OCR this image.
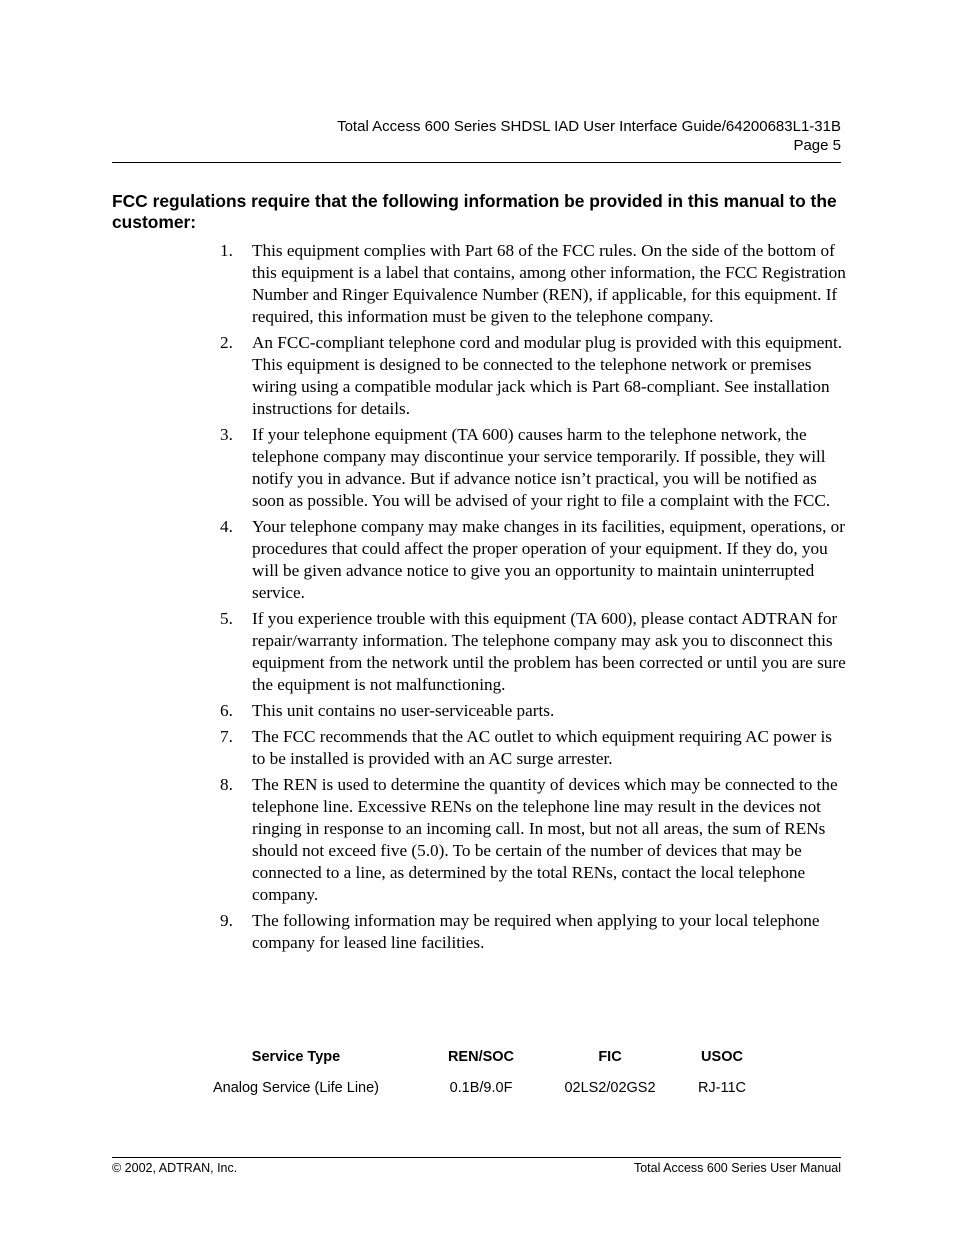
Total Access 600 Series SHDSL IAD User Interface Guide/64200683L1-31B
Page 5
FCC regulations require that the following information be provided in this manual to the customer:
1.	This equipment complies with Part 68 of the FCC rules. On the side of the bottom of this equipment is a label that contains, among other information, the FCC Registration Number and Ringer Equivalence Number (REN), if applicable, for this equipment. If required, this information must be given to the telephone company.
2.	An FCC-compliant telephone cord and modular plug is provided with this equipment. This equipment is designed to be connected to the telephone network or premises wiring using a compatible modular jack which is Part 68-compliant. See installation instructions for details.
3.	If your telephone equipment (TA 600) causes harm to the telephone network, the telephone company may discontinue your service temporarily. If possible, they will notify you in advance. But if advance notice isn’t practical, you will be notified as soon as possible. You will be advised of your right to file a complaint with the FCC.
4.	Your telephone company may make changes in its facilities, equipment, operations, or procedures that could affect the proper operation of your equipment. If they do, you will be given advance notice to give you an opportunity to maintain uninterrupted service.
5.	If you experience trouble with this equipment (TA 600), please contact ADTRAN for repair/warranty information. The telephone company may ask you to disconnect this equipment from the network until the problem has been corrected or until you are sure the equipment is not malfunctioning.
6.	This unit contains no user-serviceable parts.
7.	The FCC recommends that the AC outlet to which equipment requiring AC power is to be installed is provided with an AC surge arrester.
8.	The REN is used to determine the quantity of devices which may be connected to the telephone line. Excessive RENs on the telephone line may result in the devices not ringing in response to an incoming call. In most, but not all areas, the sum of RENs should not exceed five (5.0). To be certain of the number of devices that may be connected to a line, as determined by the total RENs, contact the local telephone company.
9.	The following information may be required when applying to your local telephone company for leased line facilities.
Service Type	REN/SOC	FIC	USOC
Analog Service (Life Line)	0.1B/9.0F	02LS2/02GS2	RJ-11C
© 2002, ADTRAN, Inc.	Total Access 600 Series User Manual
